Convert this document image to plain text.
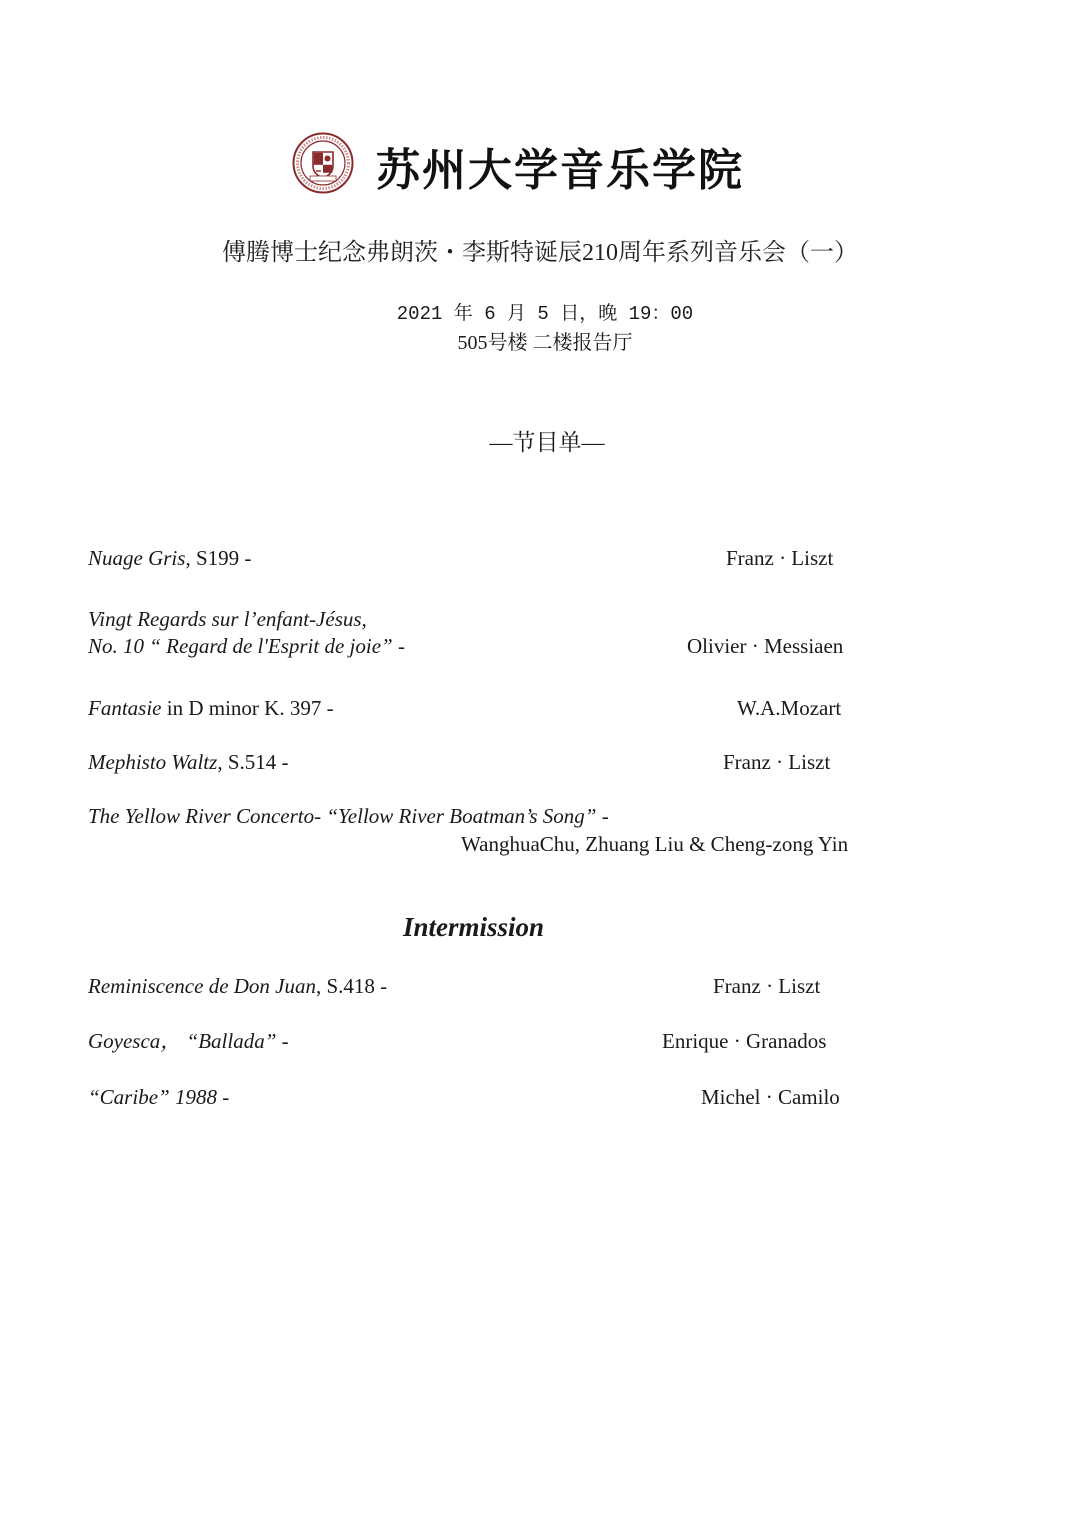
苏州大学音乐学院
傅腾博士纪念弗朗茨・李斯特诞辰210周年系列音乐会（一）
2021 年 6 月 5 日，晚 19：00
505号楼 二楼报告厅
—节目单—
Nuage Gris, S199 -	Franz · Liszt
Vingt Regards sur l’enfant-Jésus,
No. 10 “ Regard de l'Esprit de joie” -	Olivier · Messiaen
Fantasie in D minor K. 397 -	W.A.Mozart
Mephisto Waltz, S.514 -	Franz · Liszt
The Yellow River Concerto- “Yellow River Boatman’s Song” -
WanghuaChu, Zhuang Liu & Cheng-zong Yin
Intermission
Reminiscence de Don Juan, S.418 -	Franz · Liszt
Goyesca， “Ballada” -	Enrique · Granados
“Caribe” 1988 -	Michel · Camilo
